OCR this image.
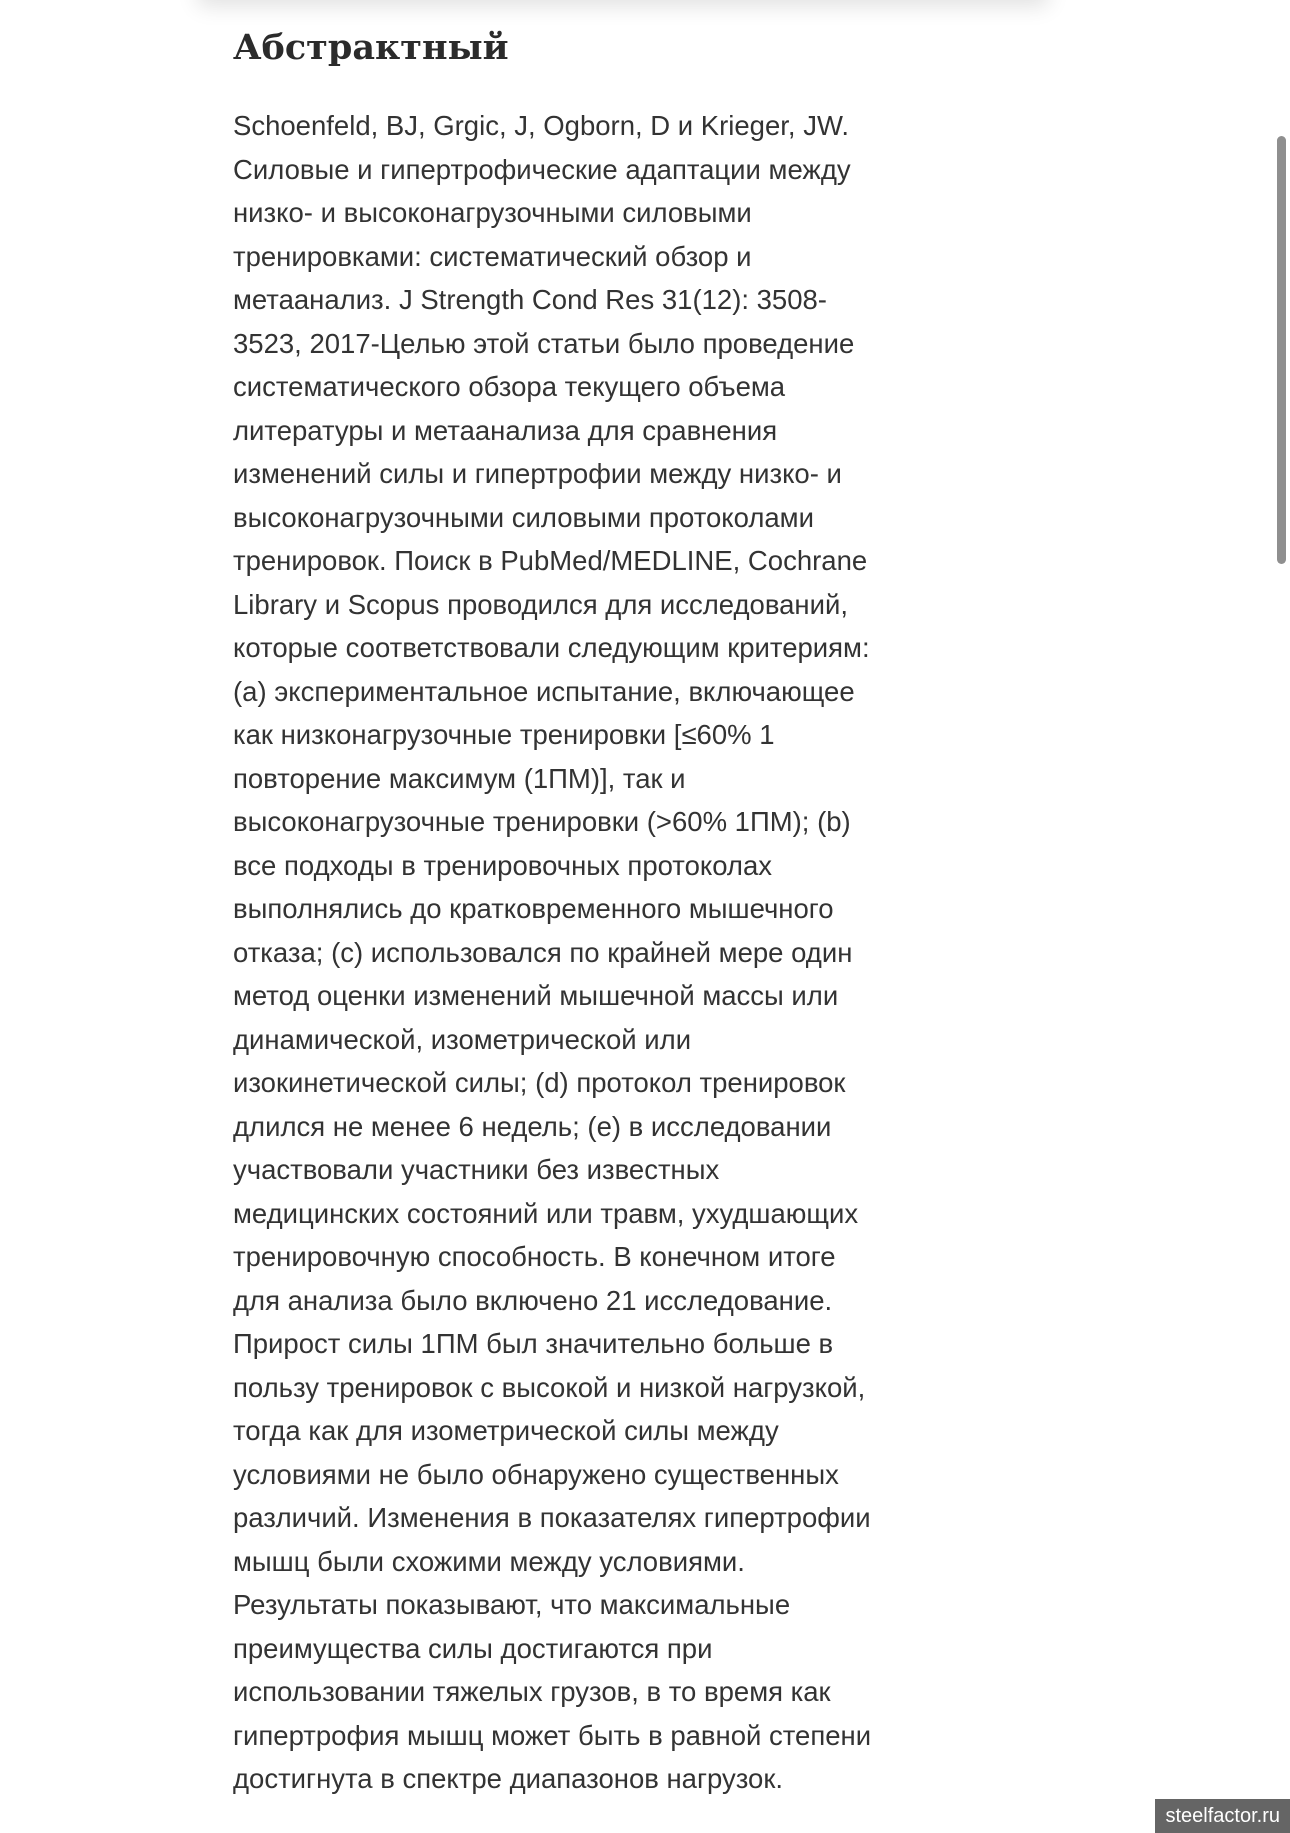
Абстрактный

Schoenfeld, BJ, Grgic, J, Ogborn, D и Krieger, JW.
Силовые и гипертрофические адаптации между
низко- и высоконагрузочными силовыми
тренировками: систематический обзор и
метаанализ. J Strength Cond Res 31(12): 3508-
3523, 2017-Целью этой статьи было проведение
систематического обзора текущего объема
литературы и метаанализа для сравнения
изменений силы и гипертрофии между низко- и
высоконагрузочными силовыми протоколами
тренировок. Поиск в PubMed/MEDLINE, Cochrane
Library и Scopus проводился для исследований,
которые соответствовали следующим критериям:
(a) экспериментальное испытание, включающее
как низконагрузочные тренировки [≤60% 1
повторение максимум (1ПМ)], так и
высоконагрузочные тренировки (>60% 1ПМ); (b)
все подходы в тренировочных протоколах
выполнялись до кратковременного мышечного
отказа; (c) использовался по крайней мере один
метод оценки изменений мышечной массы или
динамической, изометрической или
изокинетической силы; (d) протокол тренировок
длился не менее 6 недель; (e) в исследовании
участвовали участники без известных
медицинских состояний или травм, ухудшающих
тренировочную способность. В конечном итоге
для анализа было включено 21 исследование.
Прирост силы 1ПМ был значительно больше в
пользу тренировок с высокой и низкой нагрузкой,
тогда как для изометрической силы между
условиями не было обнаружено существенных
различий. Изменения в показателях гипертрофии
мышц были схожими между условиями.
Результаты показывают, что максимальные
преимущества силы достигаются при
использовании тяжелых грузов, в то время как
гипертрофия мышц может быть в равной степени
достигнута в спектре диапазонов нагрузок.

steelfactor.ru
